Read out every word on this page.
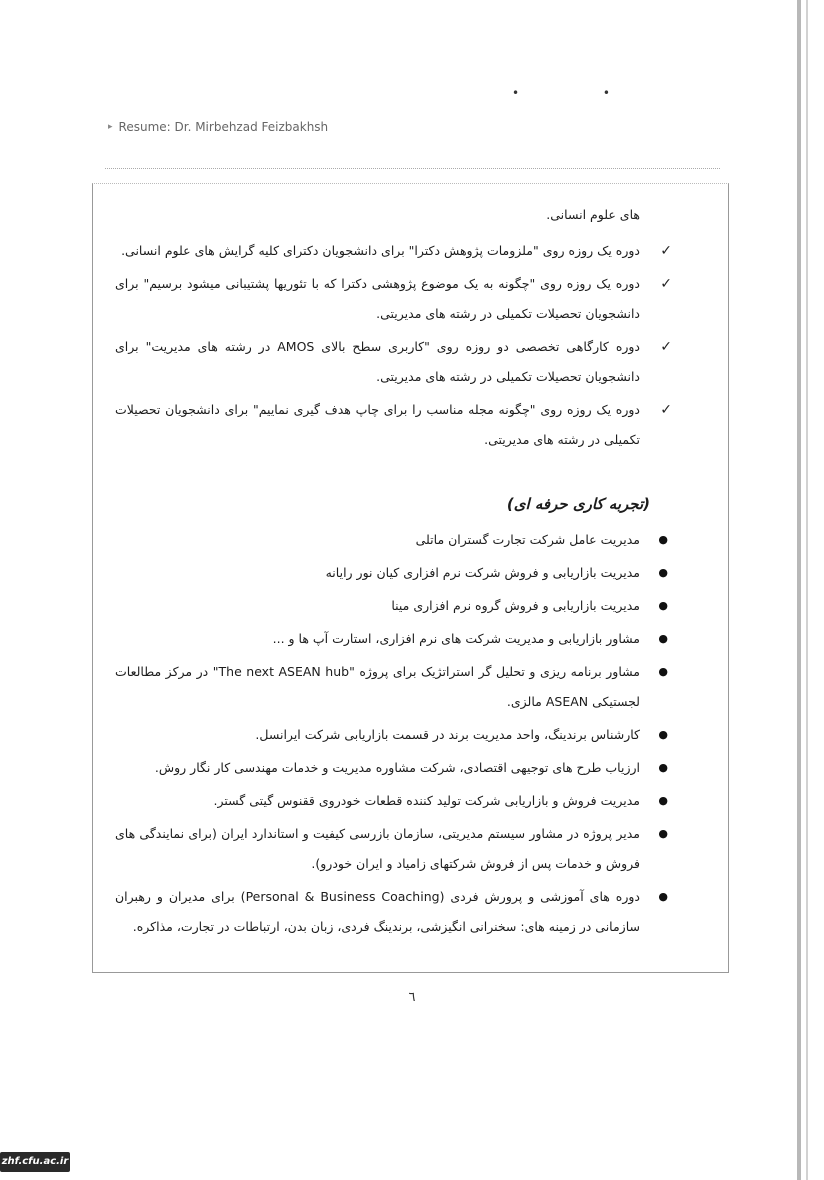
• •
▸ Resume: Dr. Mirbehzad Feizbakhsh

های علوم انسانی.

✓
دوره یک روزه روی "ملزومات پژوهش دکترا" برای دانشجویان دکترای کلیه گرایش های علوم انسانی.
✓
دوره یک روزه روی "چگونه به یک موضوع پژوهشی دکترا که با تئوریها پشتیبانی میشود برسیم" برای دانشجویان تحصیلات تکمیلی در رشته های مدیریتی.
✓
دوره کارگاهی تخصصی دو روزه روی "کاربری سطح بالای AMOS در رشته های مدیریت" برای دانشجویان تحصیلات تکمیلی در رشته های مدیریتی.
✓
دوره یک روزه روی "چگونه مجله مناسب را برای چاپ هدف گیری نماییم" برای دانشجویان تحصیلات تکمیلی در رشته های مدیریتی.
(تجربه کاری حرفه ای)
●
مدیریت عامل شرکت تجارت گستران ماتلی
●
مدیریت بازاریابی و فروش شرکت نرم افزاری کیان نور رایانه
●
مدیریت بازاریابی و فروش گروه نرم افزاری مینا
●
مشاور بازاریابی و مدیریت شرکت های نرم افزاری، استارت آپ ها و ...
●
مشاور برنامه ریزی و تحلیل گر استراتژیک برای پروژه "The next ASEAN hub" در مرکز مطالعات لجستیکی ASEAN مالزی.
●
کارشناس برندینگ، واحد مدیریت برند در قسمت بازاریابی شرکت ایرانسل.
●
ارزیاب طرح های توجیهی اقتصادی، شرکت مشاوره مدیریت و خدمات مهندسی کار نگار روش.
●
مدیریت فروش و بازاریابی شرکت تولید کننده قطعات خودروی ققنوس گیتی گستر.
●
مدیر پروژه در مشاور سیستم مدیریتی، سازمان بازرسی کیفیت و استاندارد ایران (برای نمایندگی های فروش و خدمات پس از فروش شرکتهای زامیاد و ایران خودرو).
●
دوره های آموزشی و پرورش فردی (Personal & Business Coaching) برای مدیران و رهبران سازمانی در زمینه های: سخنرانی انگیزشی، برندینگ فردی، زبان بدن، ارتباطات در تجارت، مذاکره.
٦
zhf.cfu.ac.ir
